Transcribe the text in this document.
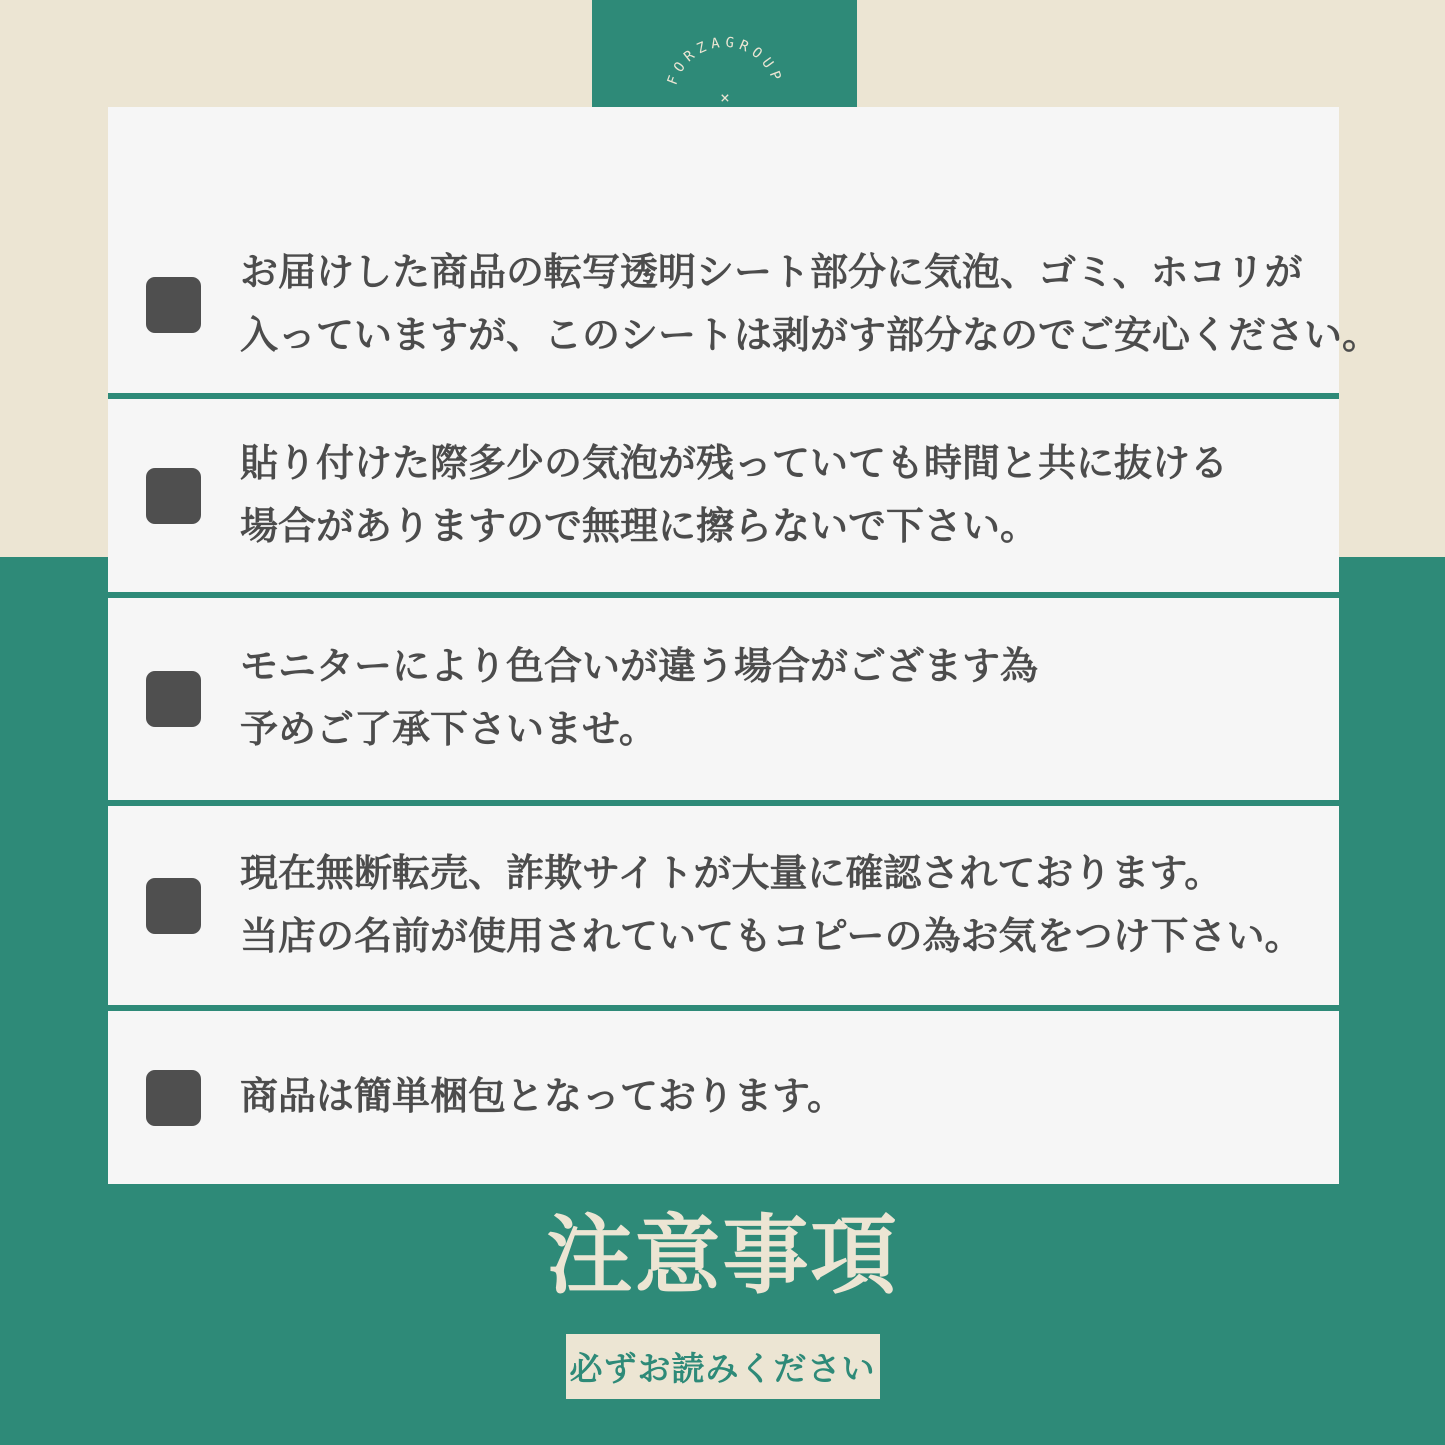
FORZAGROUP
×
お届けした商品の転写透明シート部分に気泡、ゴミ、ホコリが
入っていますが、このシートは剥がす部分なのでご安心ください。
貼り付けた際多少の気泡が残っていても時間と共に抜ける
場合がありますので無理に擦らないで下さい。
モニターにより色合いが違う場合がござます為
予めご了承下さいませ。
現在無断転売、詐欺サイトが大量に確認されております。
当店の名前が使用されていてもコピーの為お気をつけ下さい。
商品は簡単梱包となっております。
注意事項
必ずお読みください
